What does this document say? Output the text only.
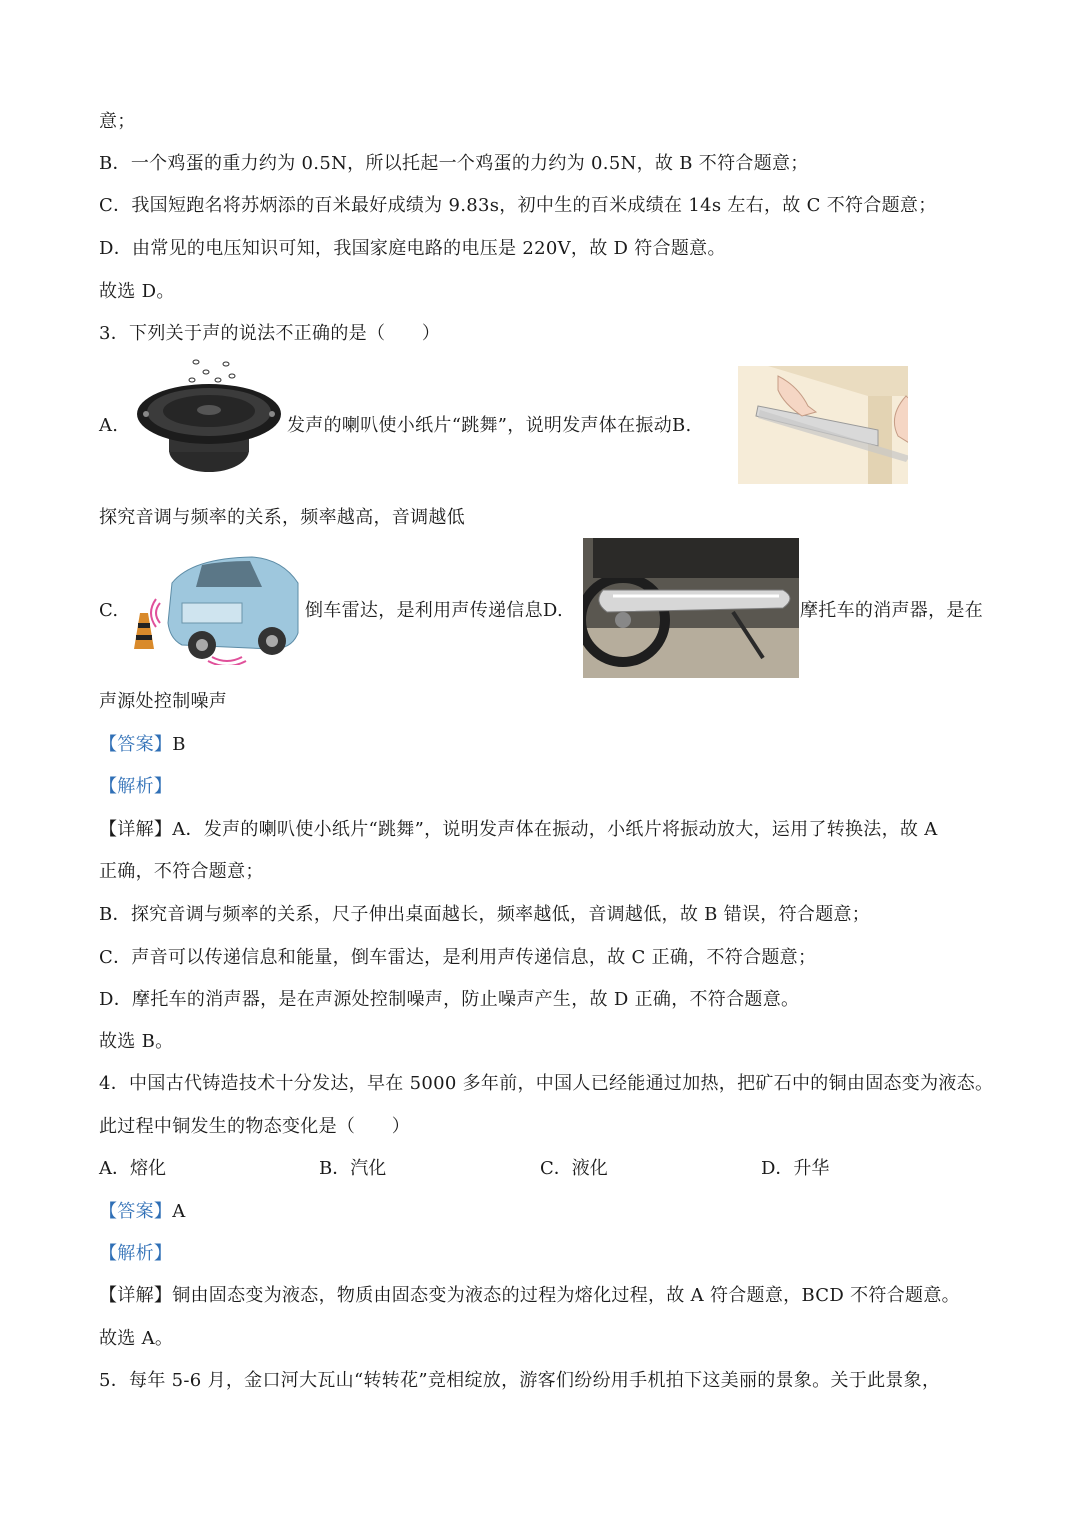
意；
B．一个鸡蛋的重力约为 0.5N，所以托起一个鸡蛋的力约为 0.5N，故 B 不符合题意；
C．我国短跑名将苏炳添的百米最好成绩为 9.83s，初中生的百米成绩在 14s 左右，故 C 不符合题意；
D．由常见的电压知识可知，我国家庭电路的电压是 220V，故 D 符合题意。
故选 D。
3．下列关于声的说法不正确的是（　　）
A.	发声的喇叭使小纸片“跳舞”，说明发声体在振动B.
探究音调与频率的关系，频率越高，音调越低
C.	倒车雷达，是利用声传递信息D.	摩托车的消声器，是在
声源处控制噪声
【答案】B
【解析】
【详解】A．发声的喇叭使小纸片“跳舞”，说明发声体在振动，小纸片将振动放大，运用了转换法，故 A
正确，不符合题意；
B．探究音调与频率的关系，尺子伸出桌面越长，频率越低，音调越低，故 B 错误，符合题意；
C．声音可以传递信息和能量，倒车雷达，是利用声传递信息，故 C 正确，不符合题意；
D．摩托车的消声器，是在声源处控制噪声，防止噪声产生，故 D 正确，不符合题意。
故选 B。
4．中国古代铸造技术十分发达，早在 5000 多年前，中国人已经能通过加热，把矿石中的铜由固态变为液态。
此过程中铜发生的物态变化是（　　）
A．熔化	B．汽化	C．液化	D．升华
【答案】A
【解析】
【详解】铜由固态变为液态，物质由固态变为液态的过程为熔化过程，故 A 符合题意，BCD 不符合题意。
故选 A。
5．每年 5-6 月，金口河大瓦山“转转花”竞相绽放，游客们纷纷用手机拍下这美丽的景象。关于此景象，
